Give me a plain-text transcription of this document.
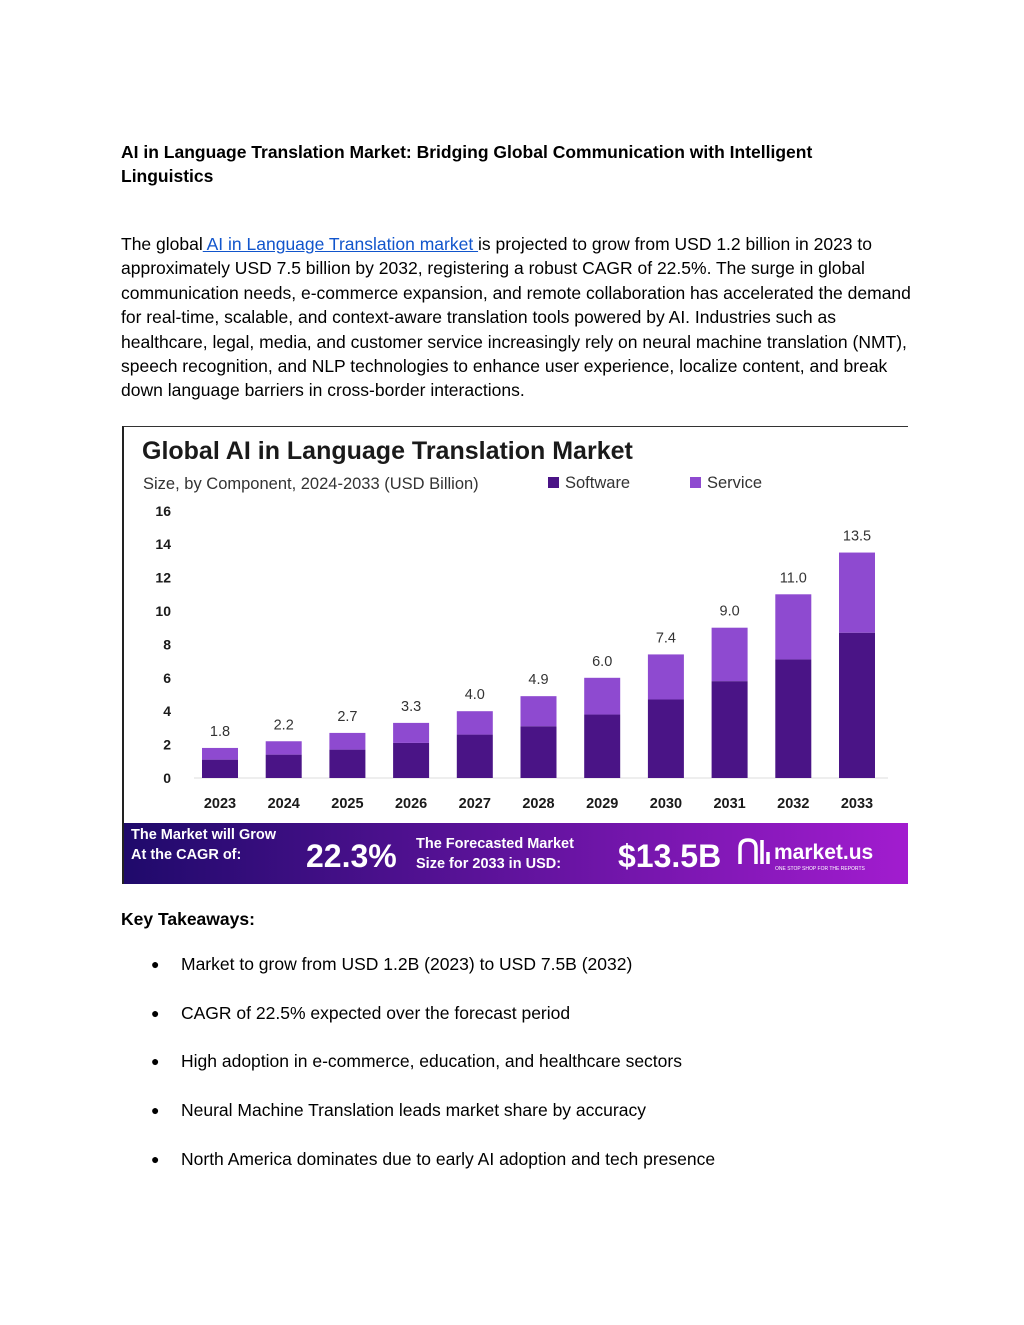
AI in Language Translation Market: Bridging Global Communication with Intelligent Linguistics

The global AI in Language Translation market is projected to grow from USD 1.2 billion in 2023 to approximately USD 7.5 billion by 2032, registering a robust CAGR of 22.5%. The surge in global communication needs, e-commerce expansion, and remote collaboration has accelerated the demand for real-time, scalable, and context-aware translation tools powered by AI. Industries such as healthcare, legal, media, and customer service increasingly rely on neural machine translation (NMT), speech recognition, and NLP technologies to enhance user experience, localize content, and break down language barriers in cross-border interactions.

Global AI in Language Translation Market
Size, by Component, 2024-2033 (USD Billion)	Software	Service
0
2
4
6
8
10
12
14
16
1.8	2.2
2.7
3.3
4.0
4.9
6.0
7.4
9.0
11.0
13.5
2023 2024 2025 2026 2027 2028 2029 2030 2031 2032 2033
The Market will Grow At the CAGR of:	22.3% The Forecasted Market Size for 2033 in USD:	$13.5B	market.us
ONE STOP SHOP FOR THE REPORTS

Key Takeaways:

● Market to grow from USD 1.2B (2023) to USD 7.5B (2032)
● CAGR of 22.5% expected over the forecast period
● High adoption in e-commerce, education, and healthcare sectors
● Neural Machine Translation leads market share by accuracy
● North America dominates due to early AI adoption and tech presence
